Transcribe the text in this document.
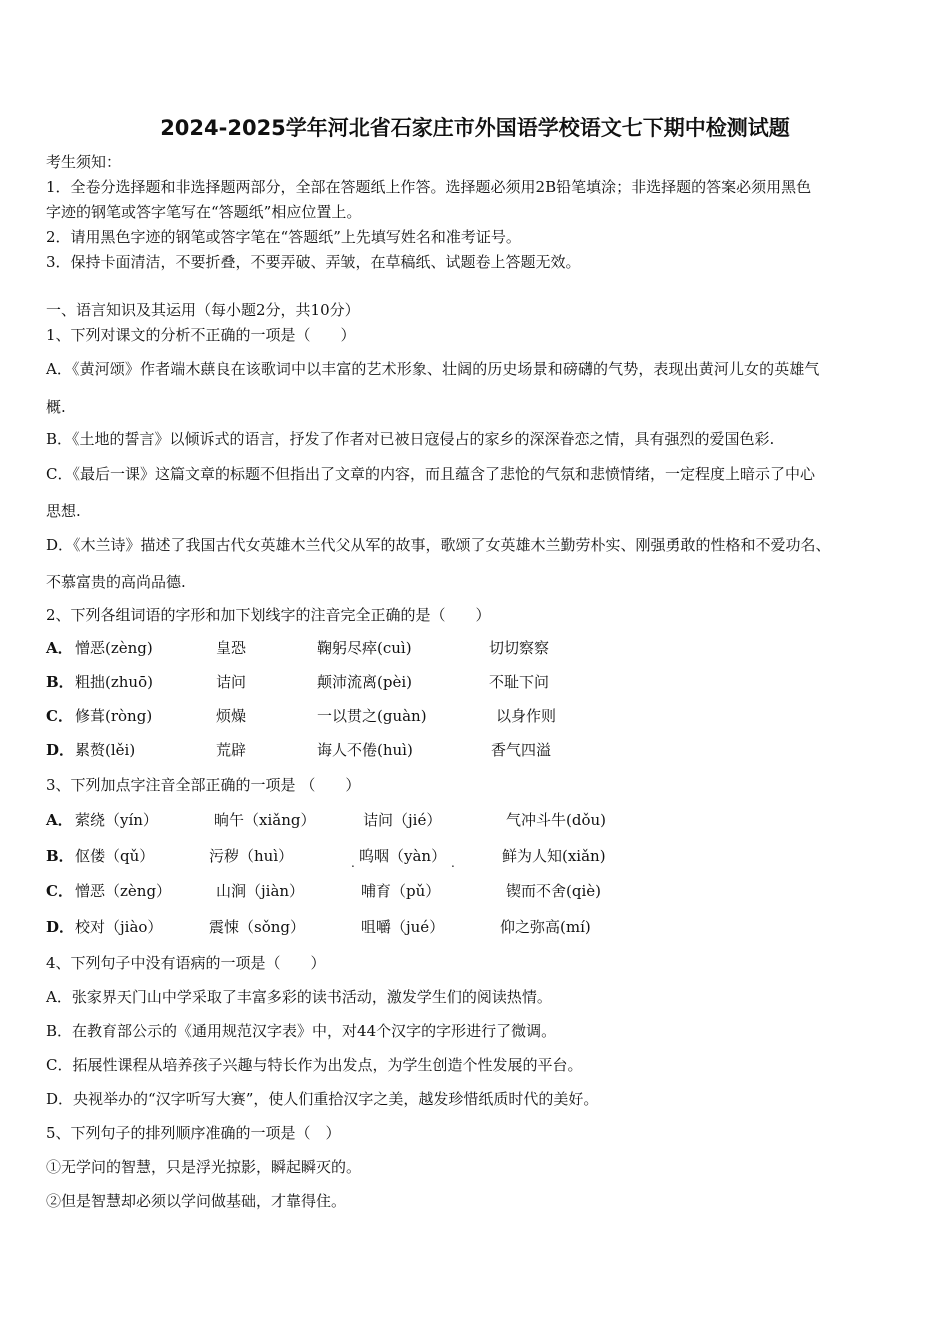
2024-2025学年河北省石家庄市外国语学校语文七下期中检测试题
考生须知：
1．全卷分选择题和非选择题两部分，全部在答题纸上作答。选择题必须用2B铅笔填涂；非选择题的答案必须用黑色
字迹的钢笔或答字笔写在“答题纸”相应位置上。
2．请用黑色字迹的钢笔或答字笔在“答题纸”上先填写姓名和准考证号。
3．保持卡面清洁，不要折叠，不要弄破、弄皱，在草稿纸、试题卷上答题无效。
一、语言知识及其运用（每小题2分，共10分）
1、下列对课文的分析不正确的一项是（　　）
A．《黄河颂》作者端木蕻良在该歌词中以丰富的艺术形象、壮阔的历史场景和磅礴的气势，表现出黄河儿女的英雄气
概.
B．《土地的誓言》以倾诉式的语言，抒发了作者对已被日寇侵占的家乡的深深眷恋之情，具有强烈的爱国色彩.
C．《最后一课》这篇文章的标题不但指出了文章的内容，而且蕴含了悲怆的气氛和悲愤情绪，一定程度上暗示了中心
思想.
D．《木兰诗》描述了我国古代女英雄木兰代父从军的故事，歌颂了女英雄木兰勤劳朴实、刚强勇敢的性格和不爱功名、
不慕富贵的高尚品德.
2、下列各组词语的字形和加下划线字的注音完全正确的是（　　）
A． 憎恶(zèng)	皇恐	鞠躬尽瘁(cuì)	切切察察
B． 粗拙(zhuō)	诘问	颠沛流离(pèi)	不耻下问
C． 修葺(ròng)	烦燥	一以贯之(guàn)	以身作则
D． 累赘(lěi)	荒辟	诲人不倦(huì)	香气四溢
3、下列加点字注音全部正确的一项是 （　　）
A． 萦绕（yín）	晌午（xiǎng）	诘问（jié）	气冲斗牛(dǒu)
B． 伛偻（qǔ）	污秽（huì）	呜咽（yàn）	鲜为人知(xiǎn)
.	.
C． 憎恶（zèng）	山涧（jiàn）	哺育（pǔ）	锲而不舍(qiè)
D． 校对（jiào）	震悚（sǒng）	咀嚼（jué）	仰之弥高(mí)
4、下列句子中没有语病的一项是（　　）
A．张家界天门山中学采取了丰富多彩的读书活动，激发学生们的阅读热情。
B．在教育部公示的《通用规范汉字表》中，对44个汉字的字形进行了微调。
C．拓展性课程从培养孩子兴趣与特长作为出发点，为学生创造个性发展的平台。
D．央视举办的“汉字听写大赛”，使人们重拾汉字之美，越发珍惜纸质时代的美好。
5、下列句子的排列顺序准确的一项是（　）
①无学问的智慧，只是浮光掠影，瞬起瞬灭的。
②但是智慧却必须以学问做基础，才靠得住。
